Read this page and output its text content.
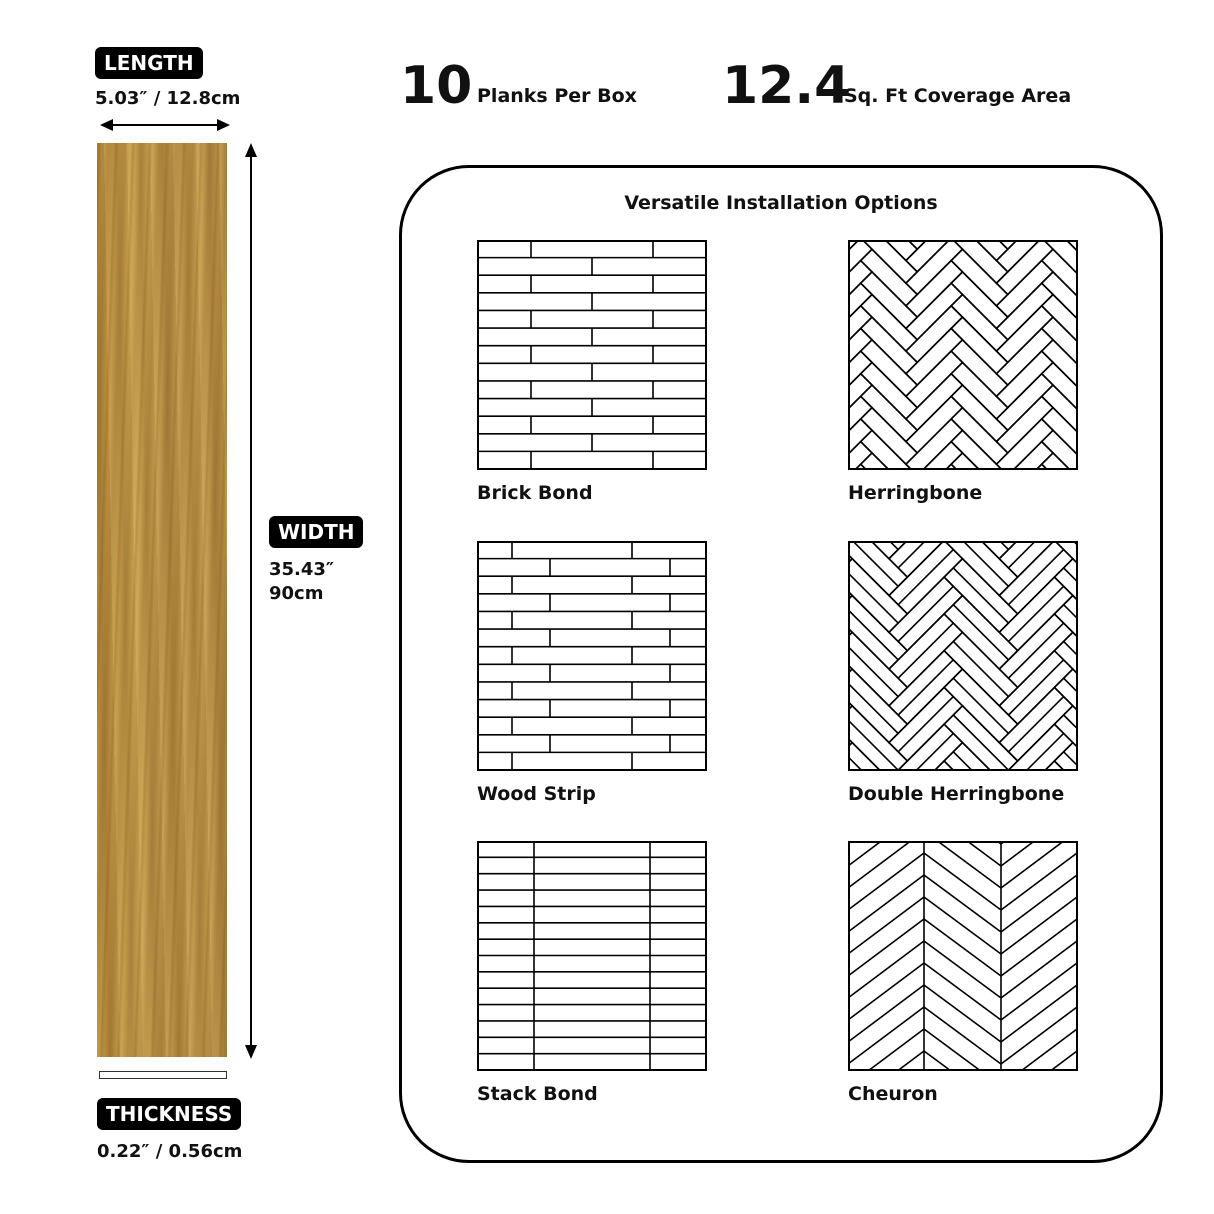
LENGTH
5.03″ / 12.8cm
WIDTH
35.43″
90cm
THICKNESS
0.22″ / 0.56cm
10 Planks Per Box 12.4
Sq. Ft Coverage Area
Versatile Installation Options
Brick Bond	Herringbone
Wood Strip	Double Herringbone
Stack Bond	Cheuron
